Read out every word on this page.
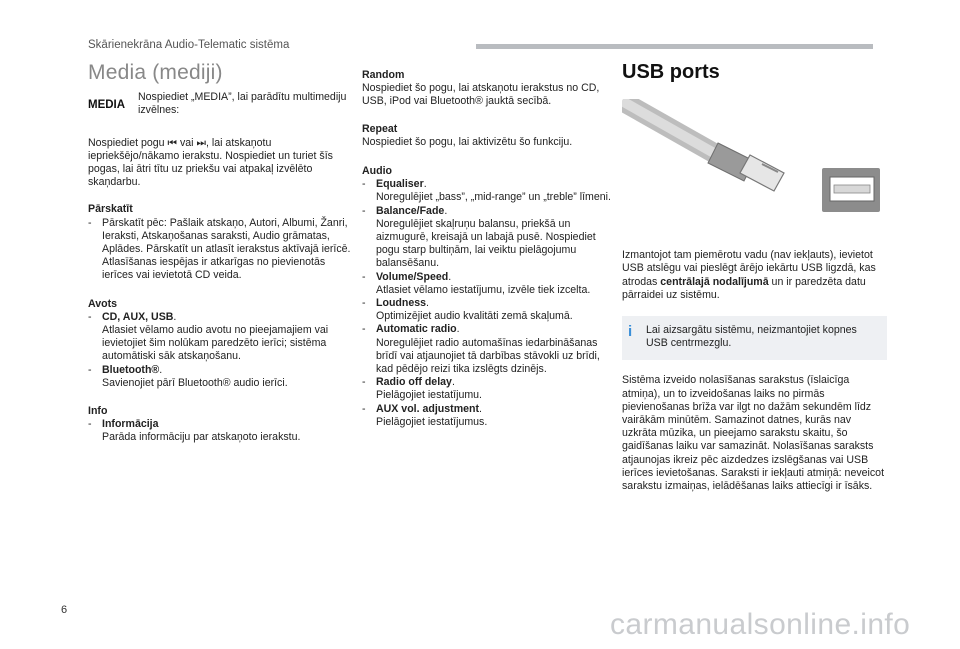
Skārienekrāna Audio-Telematic sistēma
Media (mediji)
MEDIA
Nospiediet „MEDIA”, lai parādītu multimediju izvēlnes:

Nospiediet pogu ⏮ vai ⏭, lai atskaņotu iepriekšējo/nākamo ierakstu. Nospiediet un turiet šīs pogas, lai ātri tītu uz priekšu vai atpakaļ izvēlēto skaņdarbu.

Pārskatīt
- Pārskatīt pēc: Pašlaik atskaņo, Autori, Albumi, Žanri, Ieraksti, Atskaņošanas saraksti, Audio grāmatas, Aplādes. Pārskatīt un atlasīt ierakstus aktīvajā ierīcē. Atlasīšanas iespējas ir atkarīgas no pievienotās ierīces vai ievietotā CD veida.
Avots
- CD, AUX, USB.
Atlasiet vēlamo audio avotu no pieejamajiem vai ievietojiet šim nolūkam paredzēto ierīci; sistēma automātiski sāk atskaņošanu.
- Bluetooth®.
Savienojiet pārī Bluetooth® audio ierīci.
Info
- Informācija
Parāda informāciju par atskaņoto ierakstu.
Random

Nospiediet šo pogu, lai atskaņotu ierakstus no CD, USB, iPod vai Bluetooth® jauktā secībā.

Repeat

Nospiediet šo pogu, lai aktivizētu šo funkciju.

Audio
- Equaliser.
Noregulējiet „bass”, „mid-range” un „treble” līmeni.
- Balance/Fade.
Noregulējiet skaļruņu balansu, priekšā un aizmugurē, kreisajā un labajā pusē. Nospiediet pogu starp bultiņām, lai veiktu pielāgojumu balansēšanu.
- Volume/Speed.
Atlasiet vēlamo iestatījumu, izvēle tiek izcelta.
- Loudness.
Optimizējiet audio kvalitāti zemā skaļumā.
- Automatic radio.
Noregulējiet radio automašīnas iedarbināšanas brīdī vai atjaunojiet tā darbības stāvokli uz brīdi, kad pēdējo reizi tika izslēgts dzinējs.
- Radio off delay.
Pielāgojiet iestatījumu.
- AUX vol. adjustment.
Pielāgojiet iestatījumus.
USB ports

Izmantojot tam piemērotu vadu (nav iekļauts), ievietot USB atslēgu vai pieslēgt ārējo iekārtu USB ligzdā, kas atrodas centrālajā nodalījumā un ir paredzēta datu pārraidei uz sistēmu.

i	Lai aizsargātu sistēmu, neizmantojiet kopnes USB centrmezglu.

Sistēma izveido nolasīšanas sarakstus (īslaicīga atmiņa), un to izveidošanas laiks no pirmās pievienošanas brīža var ilgt no dažām sekundēm līdz vairākām minūtēm. Samazinot datnes, kurās nav uzkrāta mūzika, un pieejamo sarakstu skaitu, šo gaidīšanas laiku var samazināt. Nolasīšanas saraksts atjaunojas ikreiz pēc aizdedzes izslēgšanas vai USB ierīces ievietošanas. Saraksti ir iekļauti atmiņā: neveicot sarakstu izmaiņas, ielādēšanas laiks attiecīgi ir īsāks.

6	carmanualsonline.info
